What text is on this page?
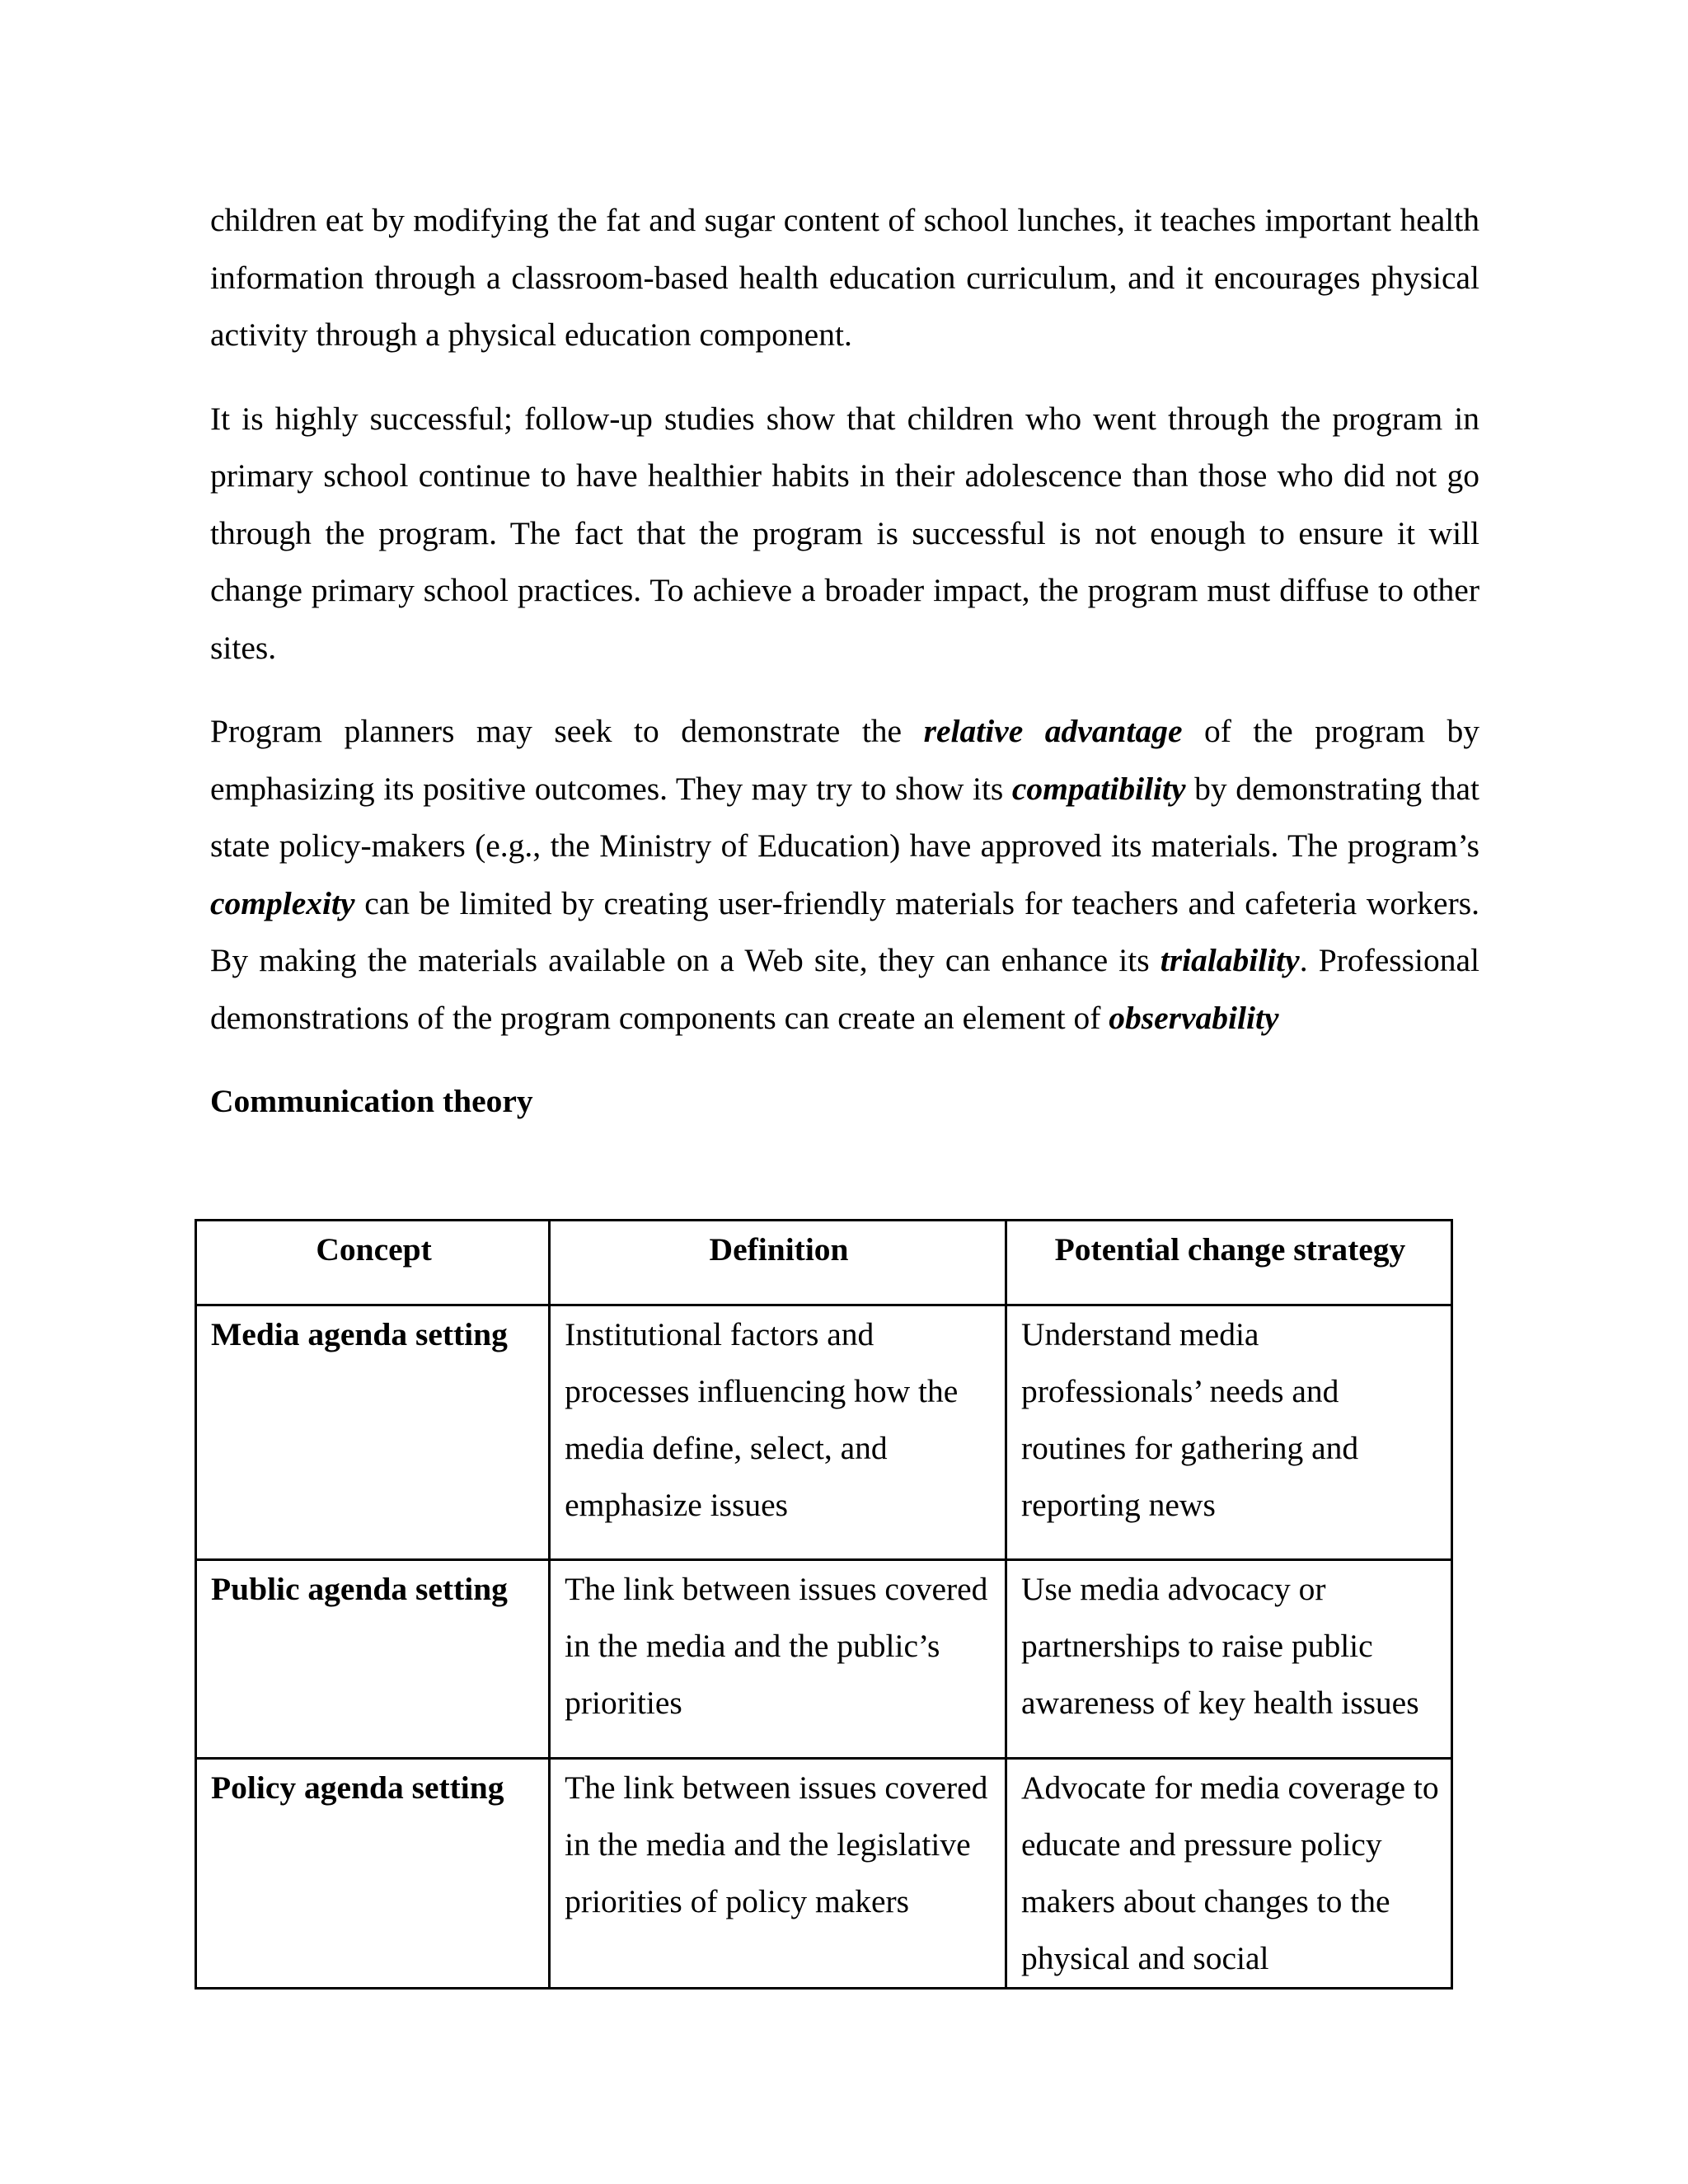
children eat by modifying the fat and sugar content of school lunches, it teaches important health information through a classroom-based health education curriculum, and it encourages physical activity through a physical education component.

It is highly successful; follow-up studies show that children who went through the program in primary school continue to have healthier habits in their adolescence than those who did not go through the program. The fact that the program is successful is not enough to ensure it will change primary school practices. To achieve a broader impact, the program must diffuse to other sites.

Program planners may seek to demonstrate the relative advantage of the program by emphasizing its positive outcomes. They may try to show its compatibility by demonstrating that state policy-makers (e.g., the Ministry of Education) have approved its materials. The program’s complexity can be limited by creating user-friendly materials for teachers and cafeteria workers. By making the materials available on a Web site, they can enhance its trialability. Professional demonstrations of the program components can create an element of observability

Communication theory

Concept	Definition	Potential change strategy
Media agenda setting	Institutional factors and processes influencing how the media define, select, and emphasize issues	Understand media professionals’ needs and routines for gathering and reporting news
Public agenda setting	The link between issues covered in the media and the public’s priorities	Use media advocacy or partnerships to raise public awareness of key health issues
Policy agenda setting	The link between issues covered in the media and the legislative priorities of policy makers	Advocate for media coverage to educate and pressure policy makers about changes to the physical and social
